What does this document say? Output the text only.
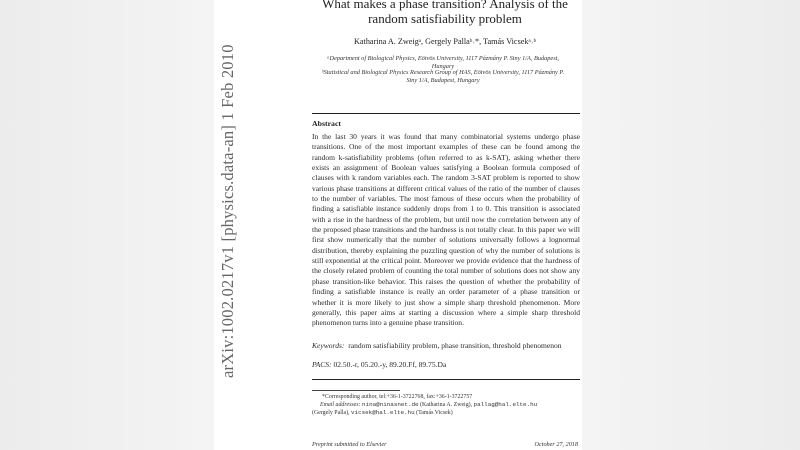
What makes a phase transition? Analysis of the random satisfiability problem
Katharina A. Zweigᵃ, Gergely Pallaᵇ˒*, Tamás Vicsekᵃ˒ᵇ
ᵃDepartment of Biological Physics, Eötvös University, 1117 Pázmány P. Stny 1/A, Budapest, Hungary
ᵇStatistical and Biological Physics Research Group of HAS, Eötvös University, 1117 Pázmány P. Stny 1/A, Budapest, Hungary
Abstract
In the last 30 years it was found that many combinatorial systems undergo phase transitions. One of the most important examples of these can be found among the random k-satisfiability problems (often referred to as k-SAT), asking whether there exists an assignment of Boolean values satisfying a Boolean formula composed of clauses with k random variables each. The random 3-SAT problem is reported to show various phase transitions at different critical values of the ratio of the number of clauses to the number of variables. The most famous of these occurs when the probability of finding a satisfiable instance suddenly drops from 1 to 0. This transition is associated with a rise in the hardness of the problem, but until now the correlation between any of the proposed phase transitions and the hardness is not totally clear. In this paper we will first show numerically that the number of solutions universally follows a lognormal distribution, thereby explaining the puzzling question of why the number of solutions is still exponential at the critical point. Moreover we provide evidence that the hardness of the closely related problem of counting the total number of solutions does not show any phase transition-like behavior. This raises the question of whether the probability of finding a satisfiable instance is really an order parameter of a phase transition or whether it is more likely to just show a simple sharp threshold phenomenon. More generally, this paper aims at starting a discussion where a simple sharp threshold phenomenon turns into a genuine phase transition.
Keywords: random satisfiability problem, phase transition, threshold phenomenon
PACS: 02.50.-r, 05.20.-y, 89.20.Ff, 89.75.Da
*Corresponding author, tel:+36-1-3722768, fax:+36-1-3722757
Email addresses: nina@ninasnet.de (Katharina A. Zweig), pallag@hal.elte.hu
(Gergely Palla), vicsek@hal.elte.hu (Tamás Vicsek)
Preprint submitted to Elsevier	October 27, 2018
arXiv:1002.0217v1 [physics.data-an] 1 Feb 2010
